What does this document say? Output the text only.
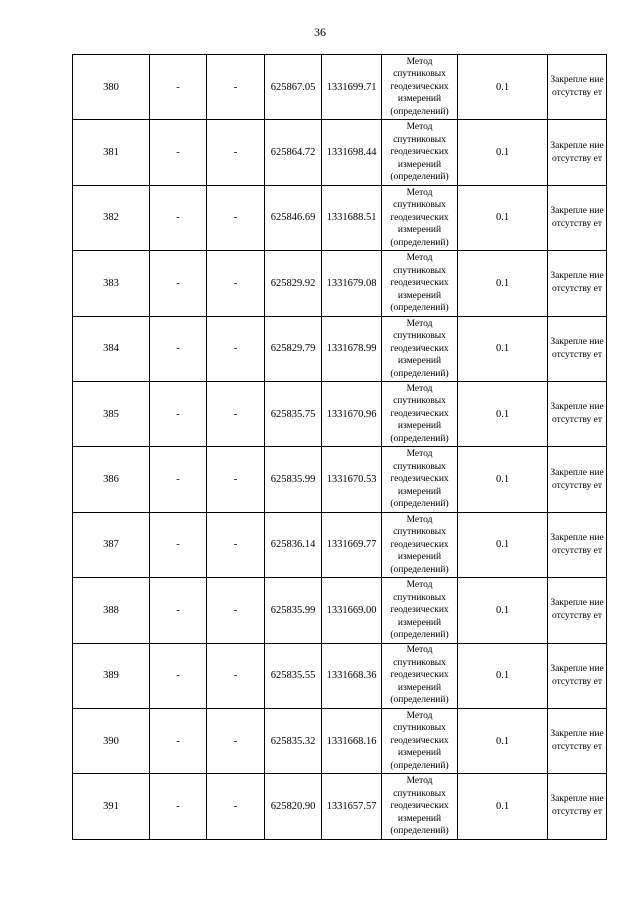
36
380	-	-	625867.05	1331699.71	Метод спутниковых геодезических измерений (определений)	0.1	Закрепле ние отсутству ет
381	-	-	625864.72	1331698.44	Метод спутниковых геодезических измерений (определений)	0.1	Закрепле ние отсутству ет
382	-	-	625846.69	1331688.51	Метод спутниковых геодезических измерений (определений)	0.1	Закрепле ние отсутству ет
383	-	-	625829.92	1331679.08	Метод спутниковых геодезических измерений (определений)	0.1	Закрепле ние отсутству ет
384	-	-	625829.79	1331678.99	Метод спутниковых геодезических измерений (определений)	0.1	Закрепле ние отсутству ет
385	-	-	625835.75	1331670.96	Метод спутниковых геодезических измерений (определений)	0.1	Закрепле ние отсутству ет
386	-	-	625835.99	1331670.53	Метод спутниковых геодезических измерений (определений)	0.1	Закрепле ние отсутству ет
387	-	-	625836.14	1331669.77	Метод спутниковых геодезических измерений (определений)	0.1	Закрепле ние отсутству ет
388	-	-	625835.99	1331669.00	Метод спутниковых геодезических измерений (определений)	0.1	Закрепле ние отсутству ет
389	-	-	625835.55	1331668.36	Метод спутниковых геодезических измерений (определений)	0.1	Закрепле ние отсутству ет
390	-	-	625835.32	1331668.16	Метод спутниковых геодезических измерений (определений)	0.1	Закрепле ние отсутству ет
391	-	-	625820.90	1331657.57	Метод спутниковых геодезических измерений (определений)	0.1	Закрепле ние отсутству ет
